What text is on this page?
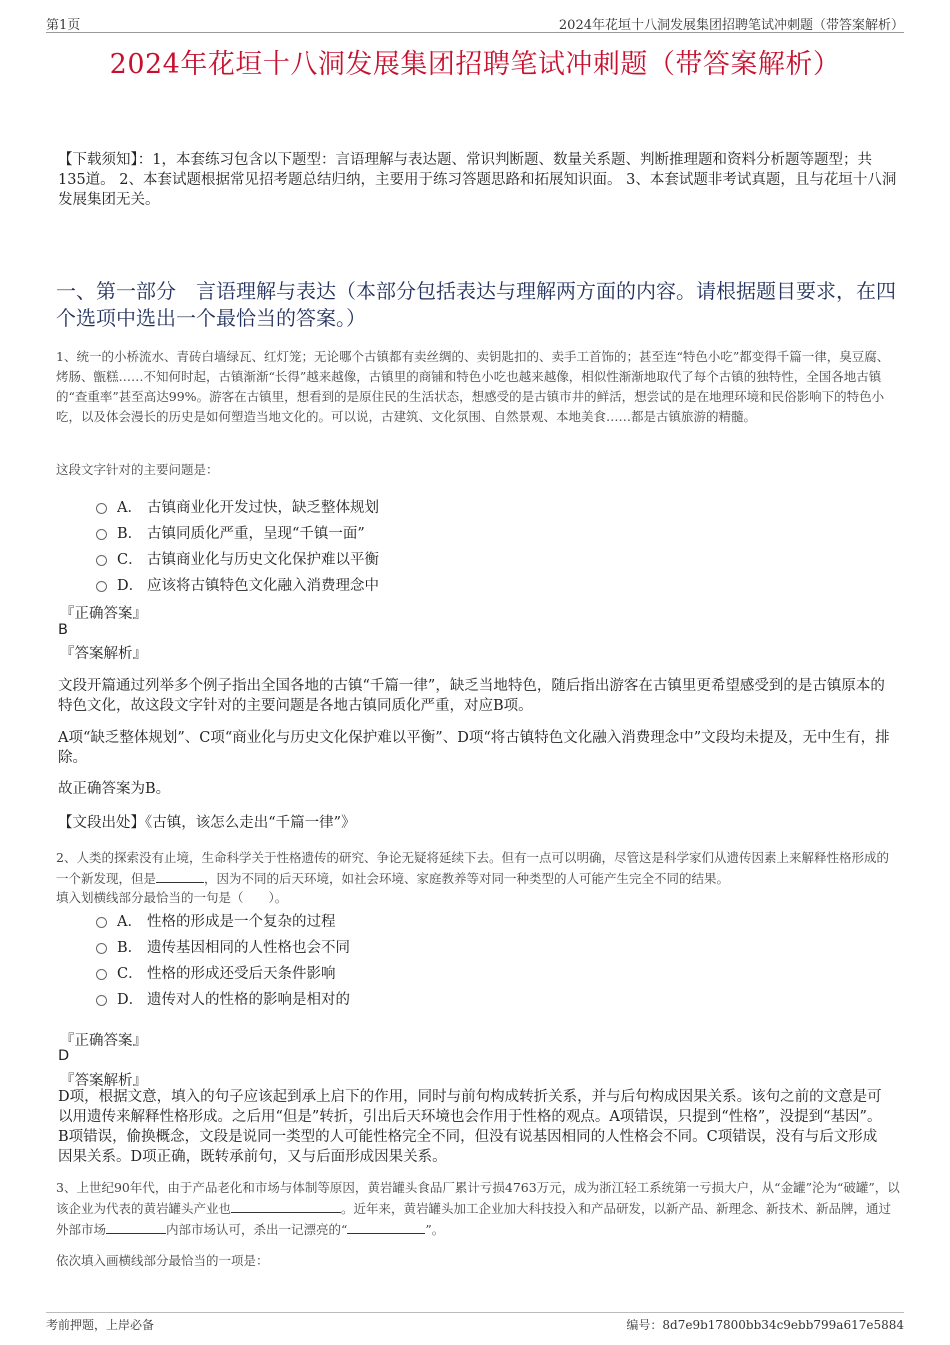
第1页	2024年花垣十八洞发展集团招聘笔试冲刺题（带答案解析）
2024年花垣十八洞发展集团招聘笔试冲刺题（带答案解析）
【下载须知】：1，本套练习包含以下题型：言语理解与表达题、常识判断题、数量关系题、判断推理题和资料分析题等题型；共135道。 2、本套试题根据常见招考题总结归纳，主要用于练习答题思路和拓展知识面。 3、本套试题非考试真题，且与花垣十八洞发展集团无关。
一、第一部分　言语理解与表达（本部分包括表达与理解两方面的内容。请根据题目要求，在四个选项中选出一个最恰当的答案。）
1、统一的小桥流水、青砖白墙绿瓦、红灯笼；无论哪个古镇都有卖丝绸的、卖钥匙扣的、卖手工首饰的；甚至连“特色小吃”都变得千篇一律，臭豆腐、烤肠、甑糕……不知何时起，古镇渐渐“长得”越来越像，古镇里的商铺和特色小吃也越来越像，相似性渐渐地取代了每个古镇的独特性，全国各地古镇的“查重率”甚至高达99%。游客在古镇里，想看到的是原住民的生活状态，想感受的是古镇市井的鲜活，想尝试的是在地理环境和民俗影响下的特色小吃，以及体会漫长的历史是如何塑造当地文化的。可以说，古建筑、文化氛围、自然景观、本地美食……都是古镇旅游的精髓。
这段文字针对的主要问题是：
A． 古镇商业化开发过快，缺乏整体规划
B． 古镇同质化严重，呈现“千镇一面”
C． 古镇商业化与历史文化保护难以平衡
D． 应该将古镇特色文化融入消费理念中
『正确答案』
B
『答案解析』
文段开篇通过列举多个例子指出全国各地的古镇“千篇一律”，缺乏当地特色，随后指出游客在古镇里更希望感受到的是古镇原本的特色文化，故这段文字针对的主要问题是各地古镇同质化严重，对应B项。
A项“缺乏整体规划”、C项“商业化与历史文化保护难以平衡”、D项“将古镇特色文化融入消费理念中”文段均未提及，无中生有，排除。
故正确答案为B。
【文段出处】《古镇，该怎么走出“千篇一律”》
2、人类的探索没有止境，生命科学关于性格遗传的研究、争论无疑将延续下去。但有一点可以明确，尽管这是科学家们从遗传因素上来解释性格形成的一个新发现，但是	，因为不同的后天环境，如社会环境、家庭教养等对同一种类型的人可能产生完全不同的结果。
填入划横线部分最恰当的一句是（　　）。
A． 性格的形成是一个复杂的过程
B． 遗传基因相同的人性格也会不同
C． 性格的形成还受后天条件影响
D． 遗传对人的性格的影响是相对的
『正确答案』
D
『答案解析』
D项，根据文意，填入的句子应该起到承上启下的作用，同时与前句构成转折关系，并与后句构成因果关系。该句之前的文意是可以用遗传来解释性格形成。之后用“但是”转折，引出后天环境也会作用于性格的观点。A项错误，只提到“性格”，没提到“基因”。B项错误，偷换概念，文段是说同一类型的人可能性格完全不同，但没有说基因相同的人性格会不同。C项错误，没有与后文形成因果关系。D项正确，既转承前句，又与后面形成因果关系。
3、上世纪90年代，由于产品老化和市场与体制等原因，黄岩罐头食品厂累计亏损4763万元，成为浙江轻工系统第一亏损大户，从“金罐”沦为“破罐”，以该企业为代表的黄岩罐头产业也	。近年来，黄岩罐头加工企业加大科技投入和产品研发，以新产品、新理念、新技术、新品牌，通过外部市场	内部市场认可，杀出一记漂亮的“	”。
依次填入画横线部分最恰当的一项是：
考前押题，上岸必备	编号：8d7e9b17800bb34c9ebb799a617e5884
